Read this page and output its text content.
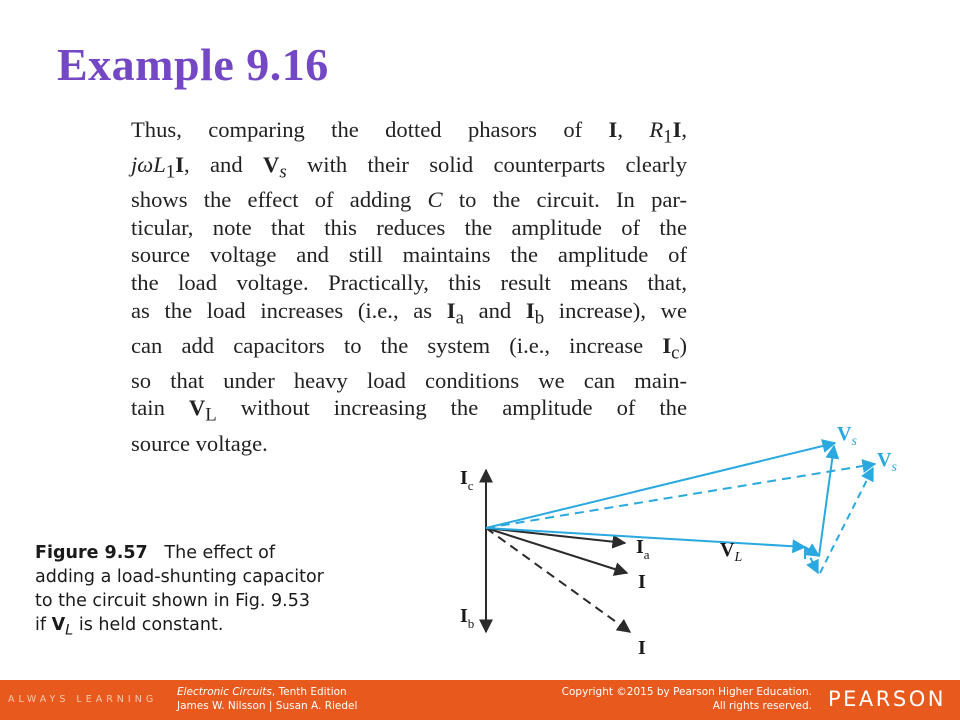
Example 9.16
Thus, comparing the dotted phasors of I, $R_1I$,
jωL$_1$I, and $V_s$ with their solid counterparts clearly
shows the effect of adding C to the circuit. In par-
ticular, note that this reduces the amplitude of the
source voltage and still maintains the amplitude of
the load voltage. Practically, this result means that,
as the load increases (i.e., as $I_a$ and $I_b$ increase), we
can add capacitors to the system (i.e., increase $I_c$)
so that under heavy load conditions we can main-
tain $V_L$ without increasing the amplitude of the
source voltage.
Figure 9.57 The effect of
adding a load-shunting capacitor
to the circuit shown in Fig. 9.53
if $V_L$ is held constant.
$I_c$
$I_b$
$I_a$
I
I
$V_L$
$V_s$
$V_s$
ALWAYS LEARNING
Electronic Circuits, Tenth Edition
James W. Nilsson | Susan A. Riedel
Copyright ©2015 by Pearson Higher Education.
All rights reserved. PEARSON
